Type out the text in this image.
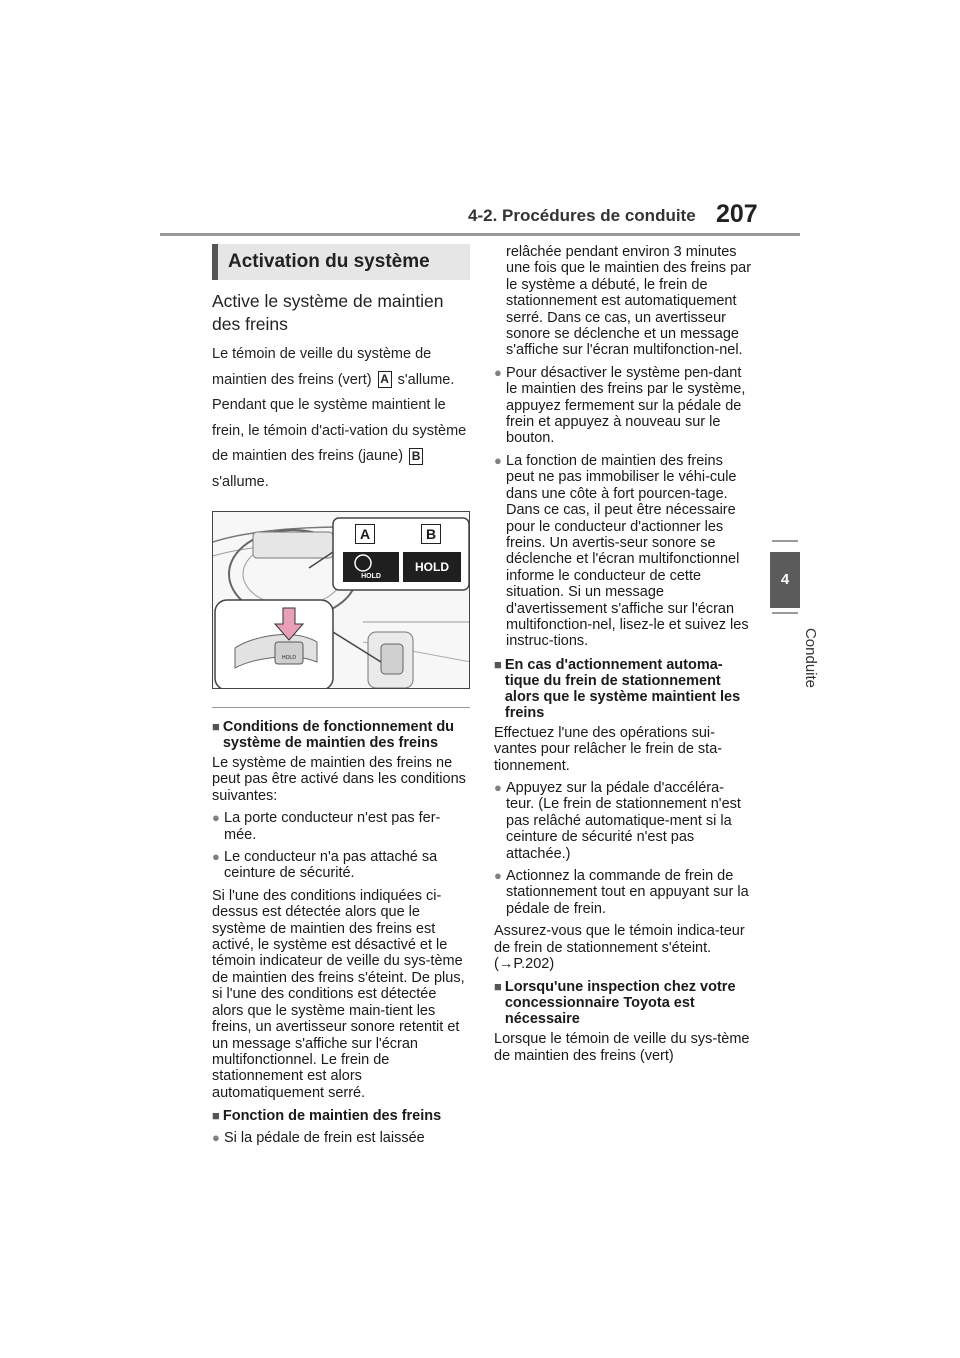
4-2. Procédures de conduite 207
4
Conduite
Activation du système
Active le système de maintien des freins
Le témoin de veille du système de maintien des freins (vert) A s'allume. Pendant que le système maintient le frein, le témoin d'acti-vation du système de maintien des freins (jaune) B s'allume.
A	B
HOLD
HOLD
HOLD
■ Conditions de fonctionnement du système de maintien des freins
Le système de maintien des freins ne peut pas être activé dans les conditions suivantes:
● La porte conducteur n'est pas fer-mée.
● Le conducteur n'a pas attaché sa ceinture de sécurité.
Si l'une des conditions indiquées ci-dessus est détectée alors que le système de maintien des freins est activé, le système est désactivé et le témoin indicateur de veille du sys-tème de maintien des freins s'éteint. De plus, si l'une des conditions est détectée alors que le système main-tient les freins, un avertisseur sonore retentit et un message s'affiche sur l'écran multifonctionnel. Le frein de stationnement est alors automatiquement serré.
■ Fonction de maintien des freins
● Si la pédale de frein est laissée
relâchée pendant environ 3 minutes une fois que le maintien des freins par le système a débuté, le frein de stationnement est automatiquement serré. Dans ce cas, un avertisseur sonore se déclenche et un message s'affiche sur l'écran multifonction-nel.
● Pour désactiver le système pen-dant le maintien des freins par le système, appuyez fermement sur la pédale de frein et appuyez à nouveau sur le bouton.
● La fonction de maintien des freins peut ne pas immobiliser le véhi-cule dans une côte à fort pourcen-tage. Dans ce cas, il peut être nécessaire pour le conducteur d'actionner les freins. Un avertis-seur sonore se déclenche et l'écran multifonctionnel informe le conducteur de cette situation. Si un message d'avertissement s'affiche sur l'écran multifonction-nel, lisez-le et suivez les instruc-tions.
■ En cas d'actionnement automa-tique du frein de stationnement alors que le système maintient les freins
Effectuez l'une des opérations sui-vantes pour relâcher le frein de sta-tionnement.
● Appuyez sur la pédale d'accéléra-teur. (Le frein de stationnement n'est pas relâché automatique-ment si la ceinture de sécurité n'est pas attachée.)
● Actionnez la commande de frein de stationnement tout en appuyant sur la pédale de frein.
Assurez-vous que le témoin indica-teur de frein de stationnement s'éteint. (→P.202)
■ Lorsqu'une inspection chez votre concessionnaire Toyota est nécessaire
Lorsque le témoin de veille du sys-tème de maintien des freins (vert)
